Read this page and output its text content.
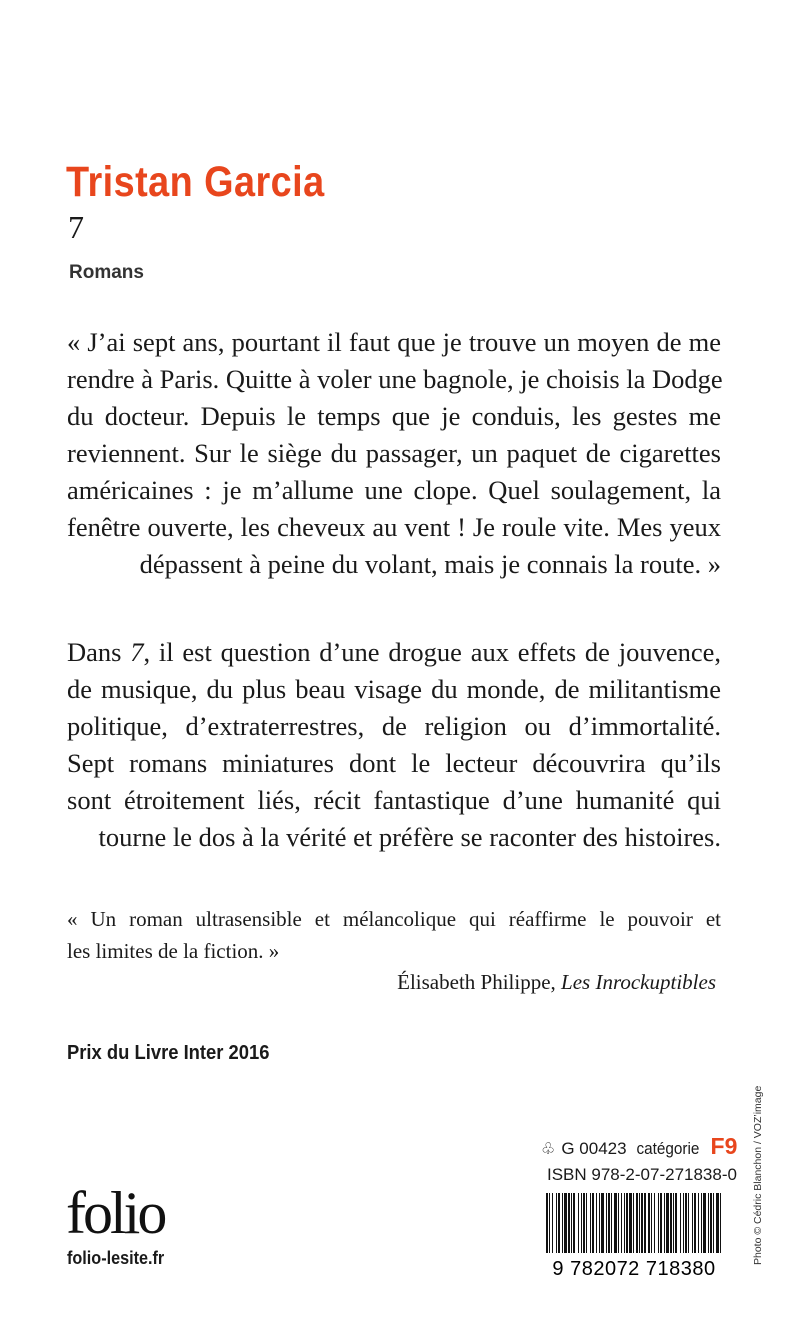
Tristan Garcia
7
Romans
« J’ai sept ans, pourtant il faut que je trouve un moyen de me
rendre à Paris. Quitte à voler une bagnole, je choisis la Dodge
du docteur. Depuis le temps que je conduis, les gestes me
reviennent. Sur le siège du passager, un paquet de cigarettes
américaines : je m’allume une clope. Quel soulagement, la
fenêtre ouverte, les cheveux au vent ! Je roule vite. Mes yeux
dépassent à peine du volant, mais je connais la route. »
Dans 7, il est question d’une drogue aux effets de jouvence,
de musique, du plus beau visage du monde, de militantisme
politique, d’extraterrestres, de religion ou d’immortalité.
Sept romans miniatures dont le lecteur découvrira qu’ils
sont étroitement liés, récit fantastique d’une humanité qui
tourne le dos à la vérité et préfère se raconter des histoires.
« Un roman ultrasensible et mélancolique qui réaffirme le pouvoir et
les limites de la fiction. »
Élisabeth Philippe, Les Inrockuptibles
Prix du Livre Inter 2016
folio
folio-lesite.fr
♧ G 00423 catégorie F9
ISBN 978-2-07-271838-0
9 782072 718380
Photo © Cédric Blanchon / VOZ’image
